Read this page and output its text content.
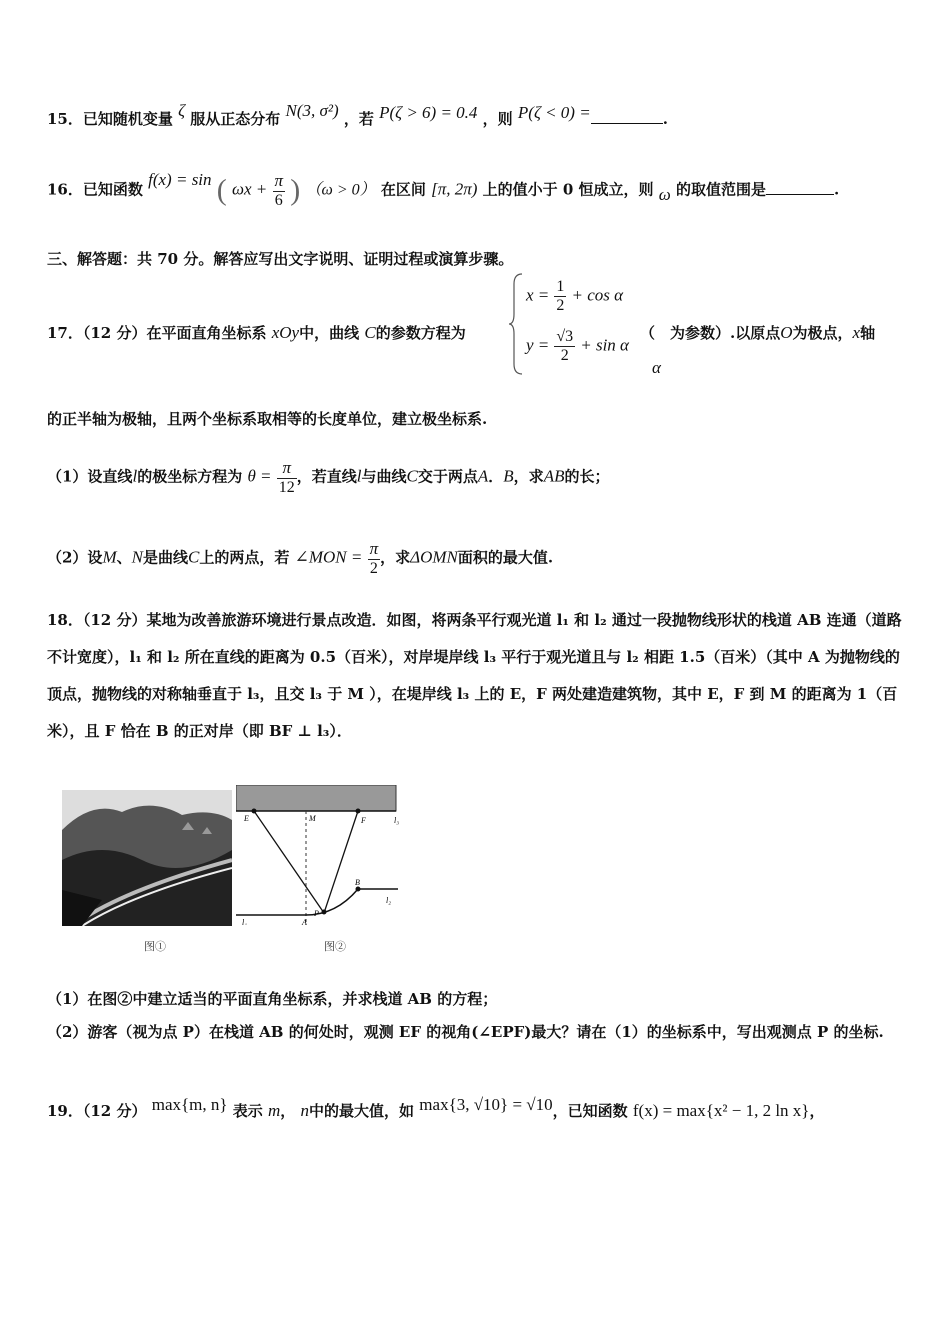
15．已知随机变量 ζ 服从正态分布 N(3, σ²) ，若 P(ζ > 6) = 0.4 ，则 P(ζ < 0) =	.
16．已知函数 f(x) = sin ( $\omega x + \frac{\pi}{6}$ ) （ω > 0） 在区间 [π, 2π) 上的值小于 0 恒成立，则 ω 的取值范围是	.
三、解答题：共 70 分。解答应写出文字说明、证明过程或演算步骤。
17．（12 分）在平面直角坐标系 xOy中，曲线 C的参数方程为
$x = \frac{1}{2} + \cos \alpha$
$y = \frac{√3}{2} + \sin \alpha$
（　为参数）.以原点O为极点，x轴
α
的正半轴为极轴，且两个坐标系取相等的长度单位，建立极坐标系.
（1）设直线l的极坐标方程为 $\theta = \frac{\pi}{12}$ ，若直线l与曲线C交于两点A．B，求AB的长；
（2）设M、N是曲线C上的两点，若 ∠MON = $\frac{\pi}{2}$ ，求ΔOMN面积的最大值.
18．（12 分）某地为改善旅游环境进行景点改造．如图，将两条平行观光道 l₁ 和 l₂ 通过一段抛物线形状的栈道 AB 连通（道路不计宽度），l₁ 和 l₂ 所在直线的距离为 0.5（百米），对岸堤岸线 l₃ 平行于观光道且与 l₂ 相距 1.5（百米）（其中 A 为抛物线的顶点，抛物线的对称轴垂直于 l₃，且交 l₃ 于 M ），在堤岸线 l₃ 上的 E，F 两处建造建筑物，其中 E，F 到 M 的距离为 1（百米），且 F 恰在 B 的正对岸（即 BF ⊥ l₃）．
图①
E	M	F	l₃
B
l₂
P
l₁	A
图②
（1）在图②中建立适当的平面直角坐标系，并求栈道 AB 的方程；
（2）游客（视为点 P）在栈道 AB 的何处时，观测 EF 的视角(∠EPF)最大？请在（1）的坐标系中，写出观测点 P 的坐标.
19．（12 分） max{m, n} 表示 m， n中的最大值，如 max{3, √10} = √10，已知函数 f(x) = max{x² − 1, 2 ln x}，
